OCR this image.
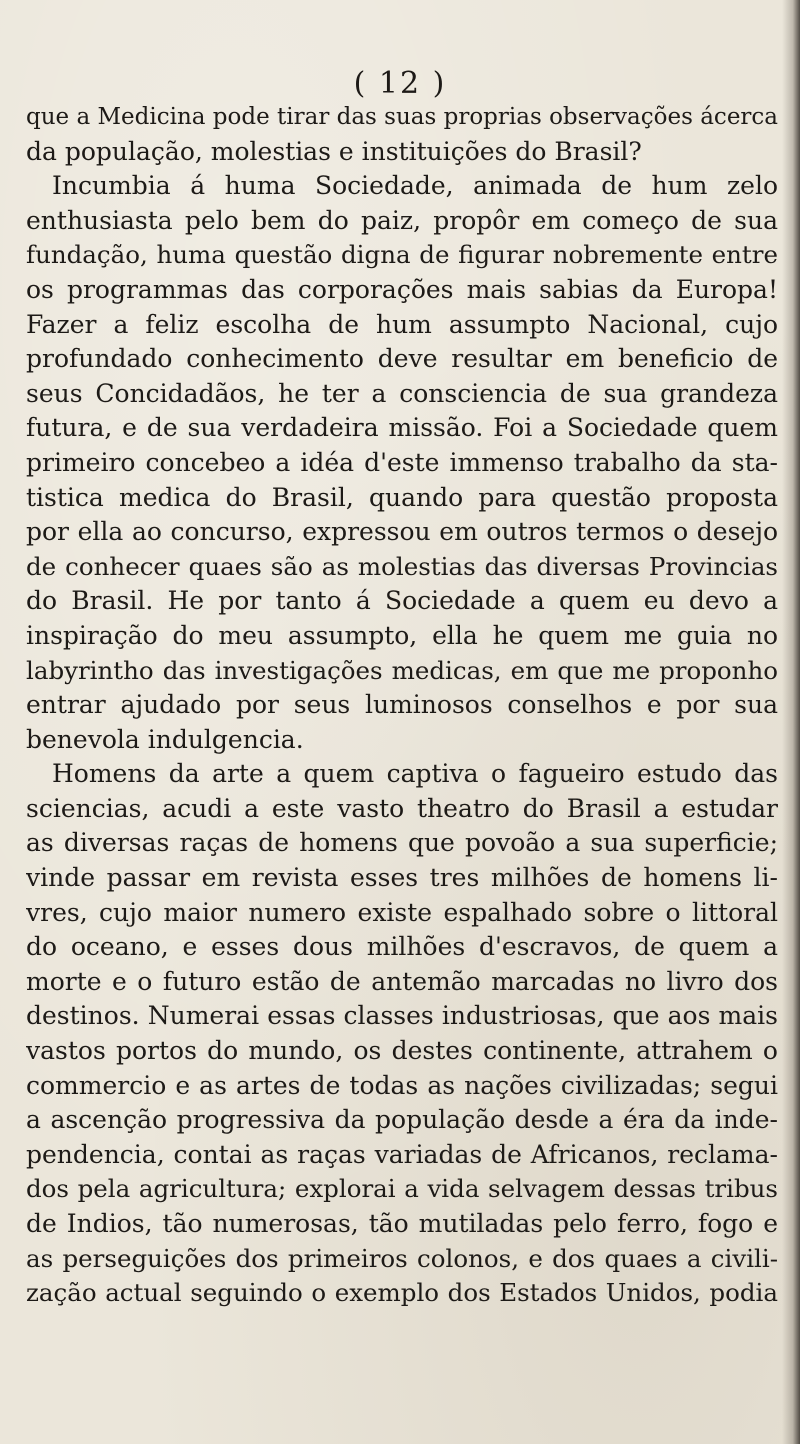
( 12 )
que a Medicina pode tirar das suas proprias observações ácerca
da população, molestias e instituições do Brasil?
Incumbia á huma Sociedade, animada de hum zelo
enthusiasta pelo bem do paiz, propôr em começo de sua
fundação, huma questão digna de figurar nobremente entre
os programmas das corporações mais sabias da Europa!
Fazer a feliz escolha de hum assumpto Nacional, cujo
profundado conhecimento deve resultar em beneficio de
seus Concidadãos, he ter a consciencia de sua grandeza
futura, e de sua verdadeira missão. Foi a Sociedade quem
primeiro concebeo a idéa d'este immenso trabalho da sta-
tistica medica do Brasil, quando para questão proposta
por ella ao concurso, expressou em outros termos o desejo
de conhecer quaes são as molestias das diversas Provincias
do Brasil. He por tanto á Sociedade a quem eu devo a
inspiração do meu assumpto, ella he quem me guia no
labyrintho das investigações medicas, em que me proponho
entrar ajudado por seus luminosos conselhos e por sua
benevola indulgencia.
Homens da arte a quem captiva o fagueiro estudo das
sciencias, acudi a este vasto theatro do Brasil a estudar
as diversas raças de homens que povoão a sua superficie;
vinde passar em revista esses tres milhões de homens li-
vres, cujo maior numero existe espalhado sobre o littoral
do oceano, e esses dous milhões d'escravos, de quem a
morte e o futuro estão de antemão marcadas no livro dos
destinos. Numerai essas classes industriosas, que aos mais
vastos portos do mundo, os destes continente, attrahem o
commercio e as artes de todas as nações civilizadas; segui
a ascenção progressiva da população desde a éra da inde-
pendencia, contai as raças variadas de Africanos, reclama-
dos pela agricultura; explorai a vida selvagem dessas tribus
de Indios, tão numerosas, tão mutiladas pelo ferro, fogo e
as perseguições dos primeiros colonos, e dos quaes a civili-
zação actual seguindo o exemplo dos Estados Unidos, podia
